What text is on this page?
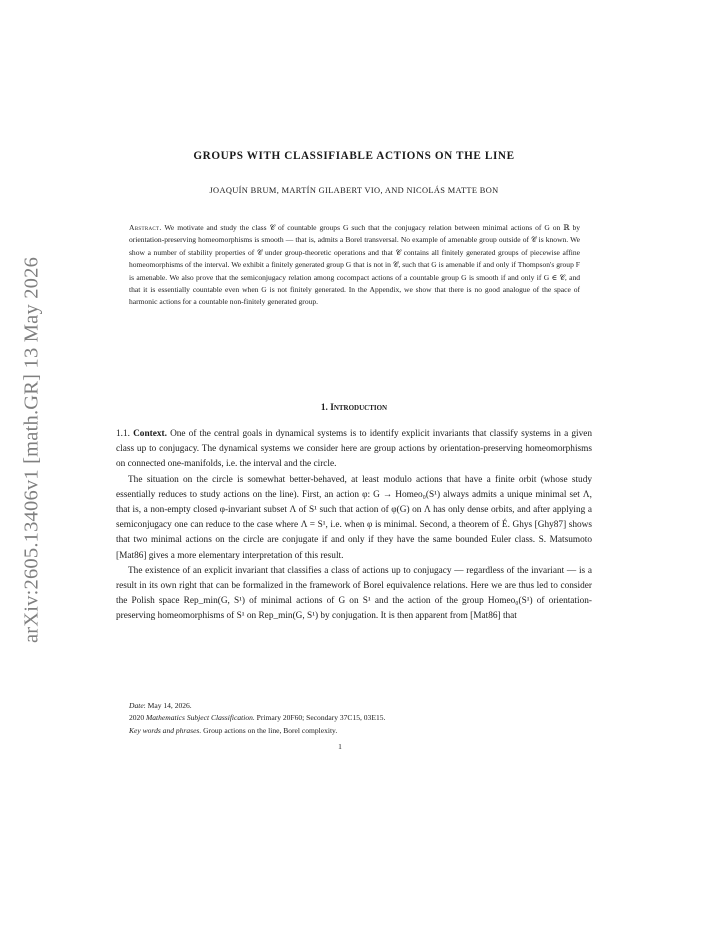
arXiv:2605.13406v1 [math.GR] 13 May 2026
GROUPS WITH CLASSIFIABLE ACTIONS ON THE LINE

JOAQUÍN BRUM, MARTÍN GILABERT VIO, AND NICOLÁS MATTE BON

Abstract. We motivate and study the class 𝒞 of countable groups G such that the conjugacy relation between minimal actions of G on ℝ by orientation-preserving homeomorphisms is smooth — that is, admits a Borel transversal. No example of amenable group outside of 𝒞 is known. We show a number of stability properties of 𝒞 under group-theoretic operations and that 𝒞 contains all finitely generated groups of piecewise affine homeomorphisms of the interval. We exhibit a finitely generated group G that is not in 𝒞, such that G is amenable if and only if Thompson's group F is amenable. We also prove that the semiconjugacy relation among cocompact actions of a countable group G is smooth if and only if G ∈ 𝒞, and that it is essentially countable even when G is not finitely generated. In the Appendix, we show that there is no good analogue of the space of harmonic actions for a countable non-finitely generated group.

1. Introduction

1.1. Context. One of the central goals in dynamical systems is to identify explicit invariants that classify systems in a given class up to conjugacy. The dynamical systems we consider here are group actions by orientation-preserving homeomorphisms on connected one-manifolds, i.e. the interval and the circle.

The situation on the circle is somewhat better-behaved, at least modulo actions that have a finite orbit (whose study essentially reduces to study actions on the line). First, an action φ: G → Homeo₀(S¹) always admits a unique minimal set Λ, that is, a non-empty closed φ-invariant subset Λ of S¹ such that action of φ(G) on Λ has only dense orbits, and after applying a semiconjugacy one can reduce to the case where Λ = S¹, i.e. when φ is minimal. Second, a theorem of É. Ghys [Ghy87] shows that two minimal actions on the circle are conjugate if and only if they have the same bounded Euler class. S. Matsumoto [Mat86] gives a more elementary interpretation of this result.

The existence of an explicit invariant that classifies a class of actions up to conjugacy — regardless of the invariant — is a result in its own right that can be formalized in the framework of Borel equivalence relations. Here we are thus led to consider the Polish space Rep_min(G, S¹) of minimal actions of G on S¹ and the action of the group Homeo₀(S¹) of orientation-preserving homeomorphisms of S¹ on Rep_min(G, S¹) by conjugation. It is then apparent from [Mat86] that

Date: May 14, 2026.

2020 Mathematics Subject Classification. Primary 20F60; Secondary 37C15, 03E15.

Key words and phrases. Group actions on the line, Borel complexity.

1
